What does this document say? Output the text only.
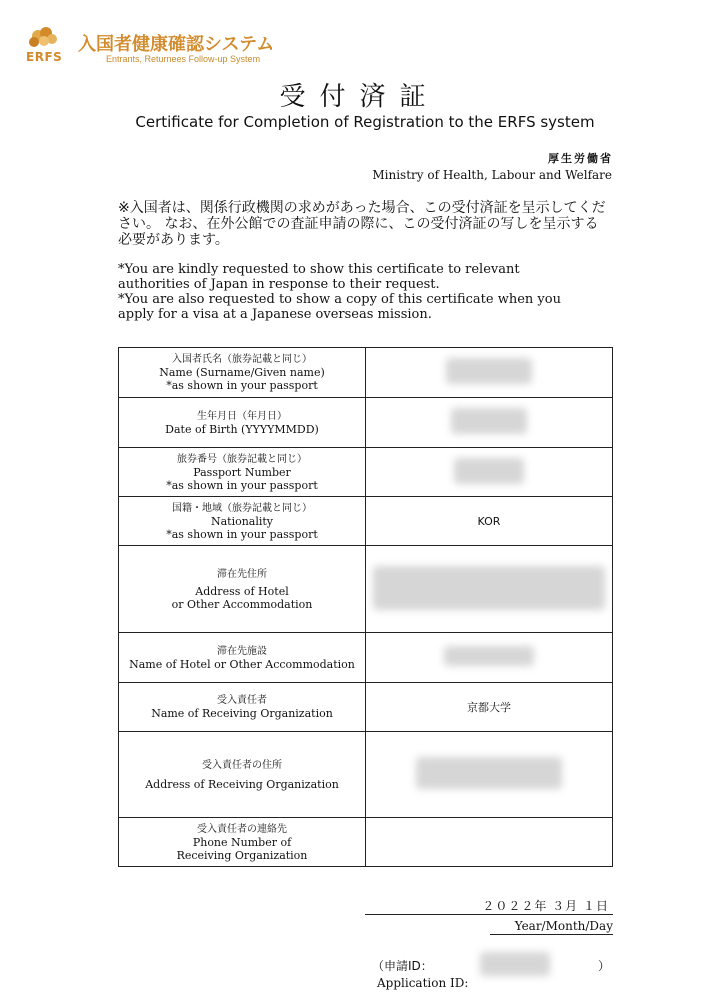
ERFS
入国者健康確認システム
Entrants, Returnees Follow-up System
受付済証
Certificate for Completion of Registration to the ERFS system
厚生労働省
Ministry of Health, Labour and Welfare
※入国者は、関係行政機関の求めがあった場合、この受付済証を呈示してください。 なお、在外公館での査証申請の際に、この受付済証の写しを呈示する必要があります。
*You are kindly requested to show this certificate to relevant authorities of Japan in response to their request.
*You are also requested to show a copy of this certificate when you apply for a visa at a Japanese overseas mission.
入国者氏名（旅券記載と同じ）
Name (Surname/Given name)
*as shown in your passport	

生年月日（年月日）
Date of Birth (YYYYMMDD)	

旅券番号（旅券記載と同じ）
Passport Number
*as shown in your passport	

国籍・地域（旅券記載と同じ）
Nationality
*as shown in your passport	KOR

滞在先住所
Address of Hotel
or Other Accommodation	

滞在先施設
Name of Hotel or Other Accommodation	

受入責任者
Name of Receiving Organization	京都大学

受入責任者の住所
Address of Receiving Organization	

受入責任者の連絡先
Phone Number of
Receiving Organization	

２０２２年 ３月 １日
Year/Month/Day
（申請ID：	）
Application ID:
